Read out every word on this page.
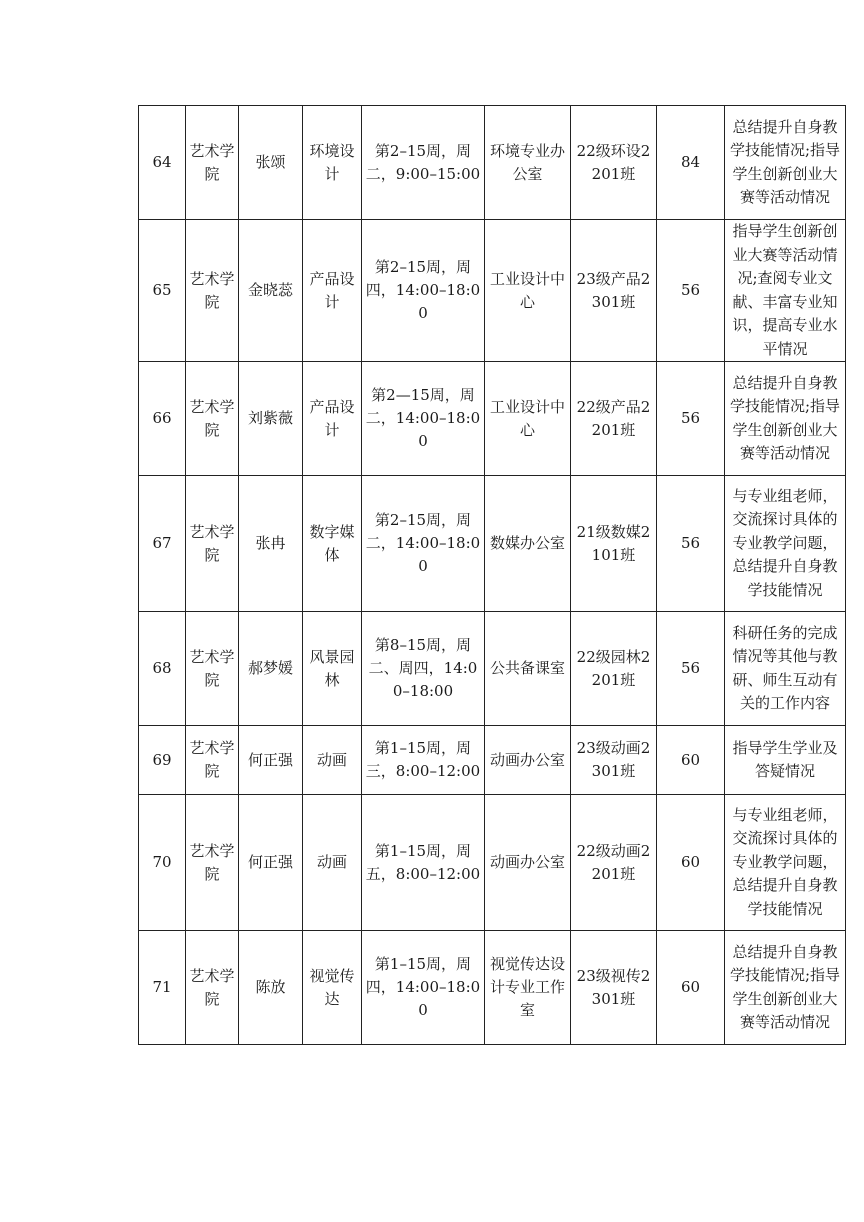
64	艺术学院	张颂	环境设计	第2–15周，周二，9:00–15:00	环境专业办公室	22级环设2201班	84	总结提升自身教学技能情况;指导学生创新创业大赛等活动情况
65	艺术学院	金晓蕊	产品设计	第2–15周，周四，14:00–18:00	工业设计中心	23级产品2301班	56	指导学生创新创业大赛等活动情况;查阅专业文献、丰富专业知识，提高专业水平情况
66	艺术学院	刘紫薇	产品设计	第2—15周，周二，14:00–18:00	工业设计中心	22级产品2201班	56	总结提升自身教学技能情况;指导学生创新创业大赛等活动情况
67	艺术学院	张冉	数字媒体	第2–15周，周二，14:00–18:00	数媒办公室	21级数媒2101班	56	与专业组老师，交流探讨具体的专业教学问题，总结提升自身教学技能情况
68	艺术学院	郝梦媛	风景园林	第8–15周，周二、周四，14:00–18:00	公共备课室	22级园林2201班	56	科研任务的完成情况等其他与教研、师生互动有关的工作内容
69	艺术学院	何正强	动画	第1–15周，周三，8:00–12:00	动画办公室	23级动画2301班	60	指导学生学业及答疑情况
70	艺术学院	何正强	动画	第1–15周，周五，8:00–12:00	动画办公室	22级动画2201班	60	与专业组老师，交流探讨具体的专业教学问题，总结提升自身教学技能情况
71	艺术学院	陈放	视觉传达	第1–15周，周四，14:00–18:00	视觉传达设计专业工作室	23级视传2301班	60	总结提升自身教学技能情况;指导学生创新创业大赛等活动情况
